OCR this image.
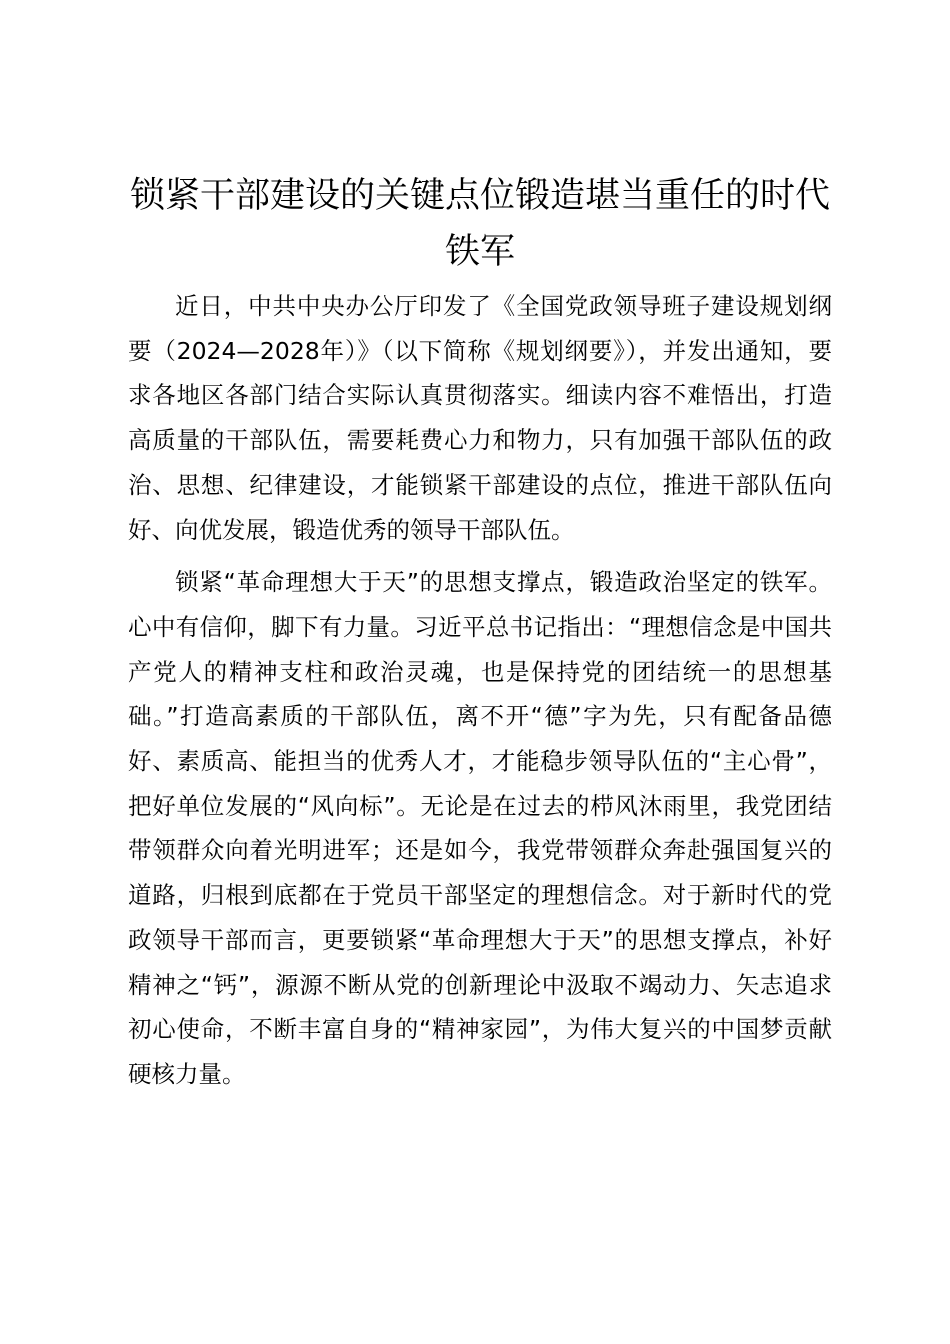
锁紧干部建设的关键点位锻造堪当重任的时代铁军

近日，中共中央办公厅印发了《全国党政领导班子建设规划纲要（2024—2028年）》（以下简称《规划纲要》），并发出通知，要求各地区各部门结合实际认真贯彻落实。细读内容不难悟出，打造高质量的干部队伍，需要耗费心力和物力，只有加强干部队伍的政治、思想、纪律建设，才能锁紧干部建设的点位，推进干部队伍向好、向优发展，锻造优秀的领导干部队伍。

锁紧“革命理想大于天”的思想支撑点，锻造政治坚定的铁军。心中有信仰，脚下有力量。习近平总书记指出：“理想信念是中国共产党人的精神支柱和政治灵魂，也是保持党的团结统一的思想基础。”打造高素质的干部队伍，离不开“德”字为先，只有配备品德好、素质高、能担当的优秀人才，才能稳步领导队伍的“主心骨”，把好单位发展的“风向标”。无论是在过去的栉风沐雨里，我党团结带领群众向着光明进军；还是如今，我党带领群众奔赴强国复兴的道路，归根到底都在于党员干部坚定的理想信念。对于新时代的党政领导干部而言，更要锁紧“革命理想大于天”的思想支撑点，补好精神之“钙”，源源不断从党的创新理论中汲取不竭动力、矢志追求初心使命，不断丰富自身的“精神家园”，为伟大复兴的中国梦贡献硬核力量。
